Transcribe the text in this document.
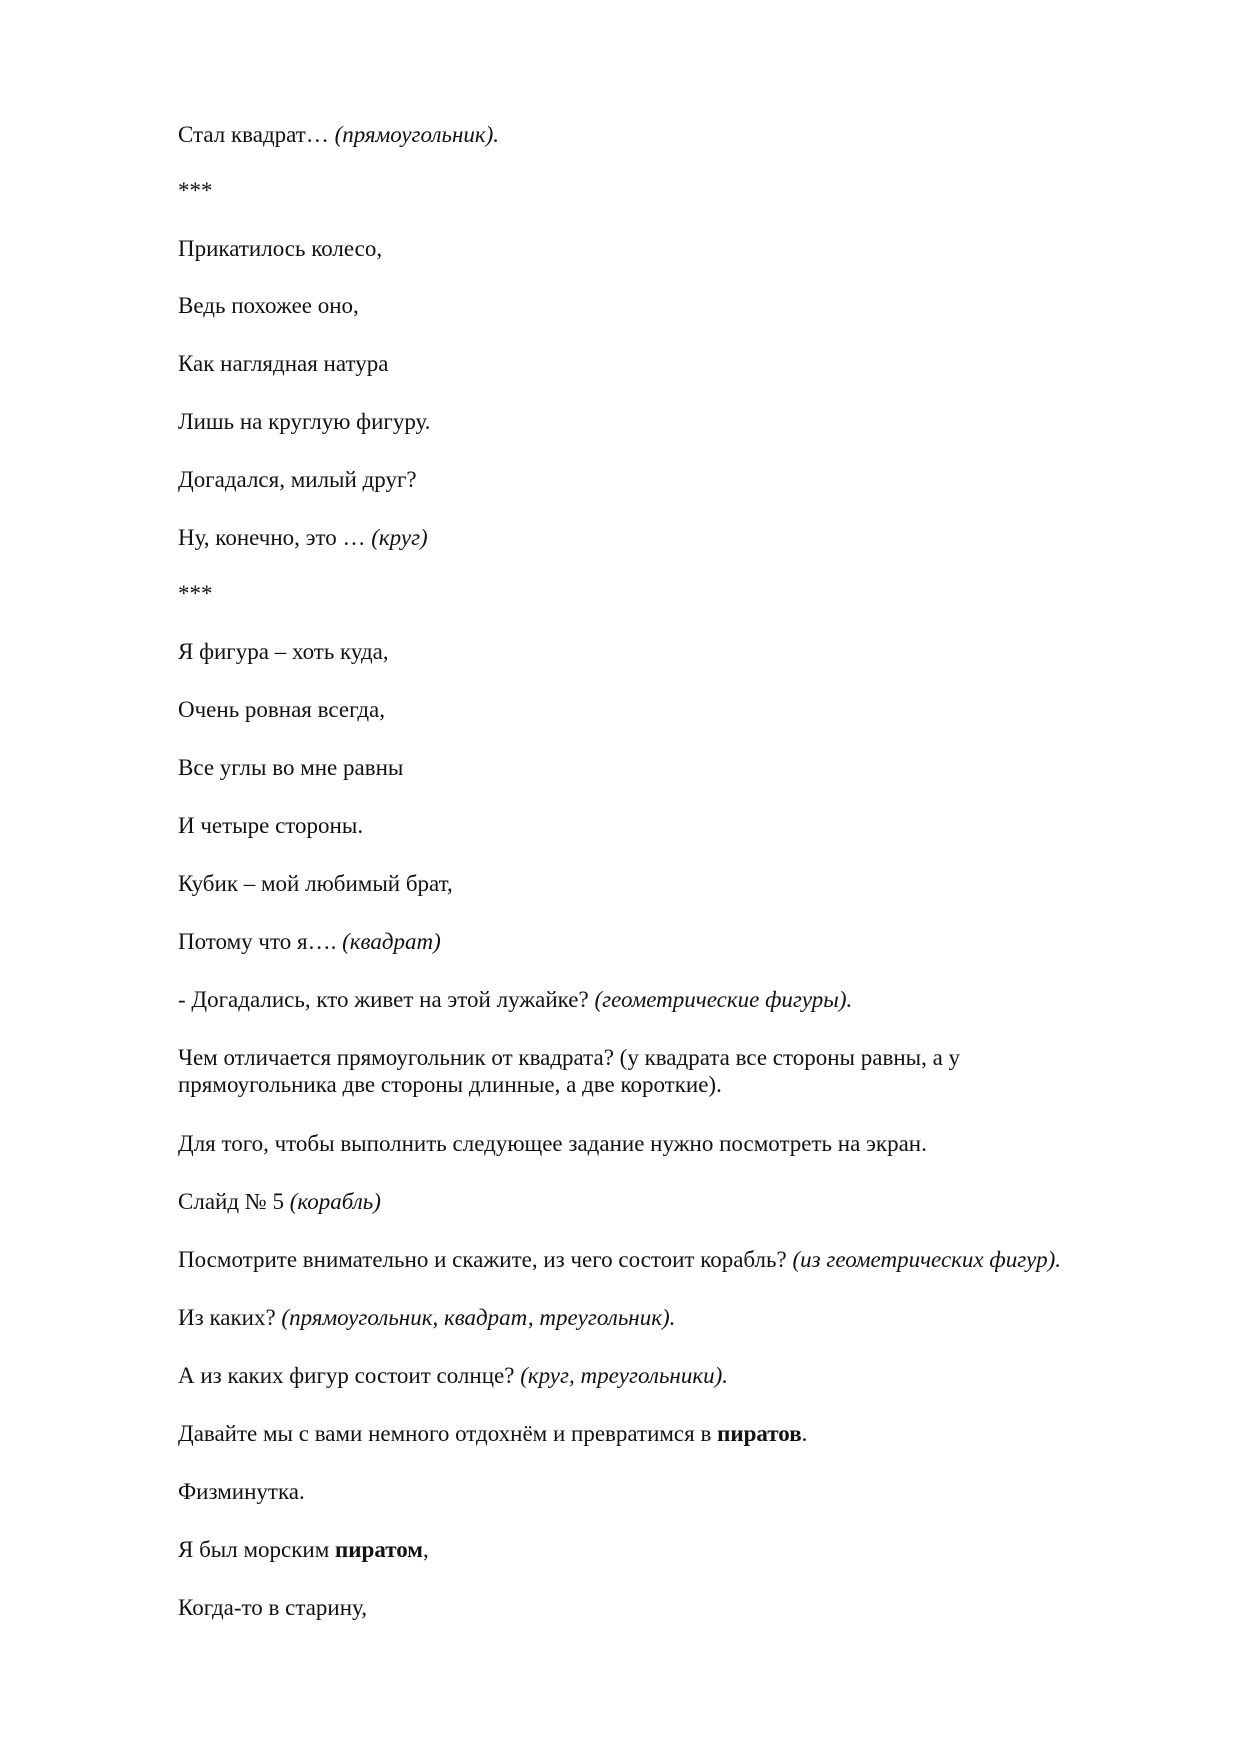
Стал квадрат… (прямоугольник).

***

Прикатилось колесо,

Ведь похожее оно,

Как наглядная натура

Лишь на круглую фигуру.

Догадался, милый друг?

Ну, конечно, это … (круг)

***

Я фигура – хоть куда,

Очень ровная всегда,

Все углы во мне равны

И четыре стороны.

Кубик – мой любимый брат,

Потому что я…. (квадрат)

- Догадались, кто живет на этой лужайке? (геометрические фигуры).

Чем отличается прямоугольник от квадрата? (у квадрата все стороны равны, а у прямоугольника две стороны длинные, а две короткие).

Для того, чтобы выполнить следующее задание нужно посмотреть на экран.

Слайд № 5 (корабль)

Посмотрите внимательно и скажите, из чего состоит корабль? (из геометрических фигур).

Из каких? (прямоугольник, квадрат, треугольник).

А из каких фигур состоит солнце? (круг, треугольники).

Давайте мы с вами немного отдохнём и превратимся в пиратов.

Физминутка.

Я был морским пиратом,

Когда-то в старину,
